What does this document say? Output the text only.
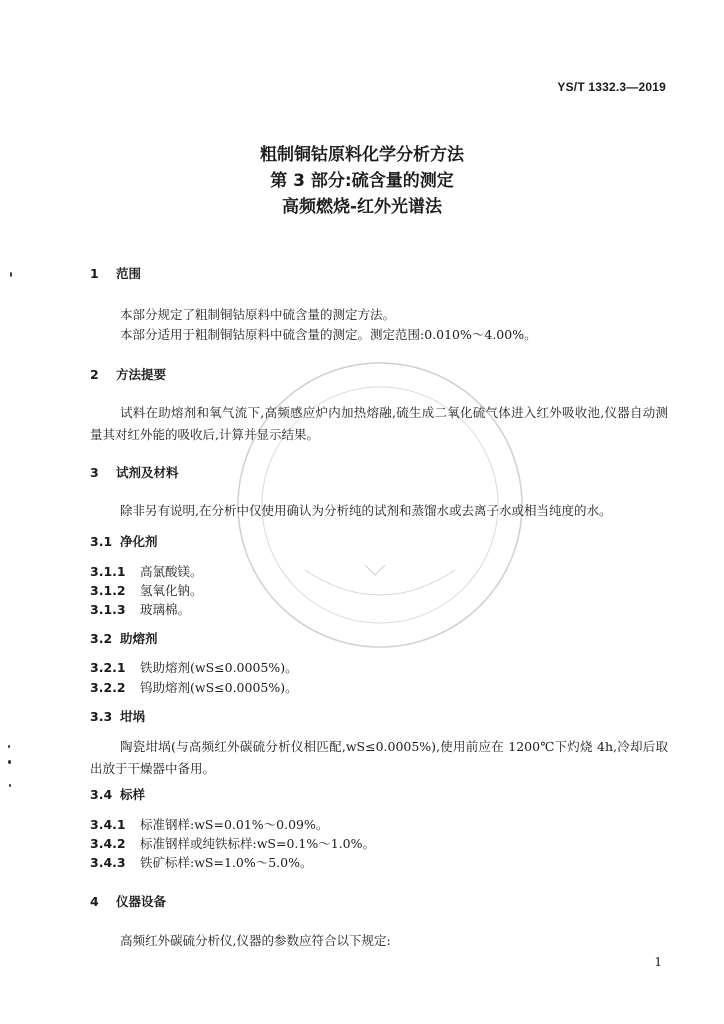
YS/T 1332.3—2019
粗制铜钴原料化学分析方法
第 3 部分:硫含量的测定
高频燃烧-红外光谱法
1 范围
本部分规定了粗制铜钴原料中硫含量的测定方法。
本部分适用于粗制铜钴原料中硫含量的测定。测定范围:0.010%～4.00%。
2 方法提要
试料在助熔剂和氧气流下,高频感应炉内加热熔融,硫生成二氧化硫气体进入红外吸收池,仪器自动测量其对红外能的吸收后,计算并显示结果。
3 试剂及材料
除非另有说明,在分析中仅使用确认为分析纯的试剂和蒸馏水或去离子水或相当纯度的水。
3.1 净化剂
3.1.1 高氯酸镁。
3.1.2 氢氧化钠。
3.1.3 玻璃棉。
3.2 助熔剂
3.2.1 铁助熔剂(wS≤0.0005%)。
3.2.2 钨助熔剂(wS≤0.0005%)。
3.3 坩埚
陶瓷坩埚(与高频红外碳硫分析仪相匹配,wS≤0.0005%),使用前应在 1200℃下灼烧 4h,冷却后取出放于干燥器中备用。
3.4 标样
3.4.1 标准钢样:wS=0.01%～0.09%。
3.4.2 标准钢样或纯铁标样:wS=0.1%～1.0%。
3.4.3 铁矿标样:wS=1.0%～5.0%。
4 仪器设备
高频红外碳硫分析仪,仪器的参数应符合以下规定:
1
